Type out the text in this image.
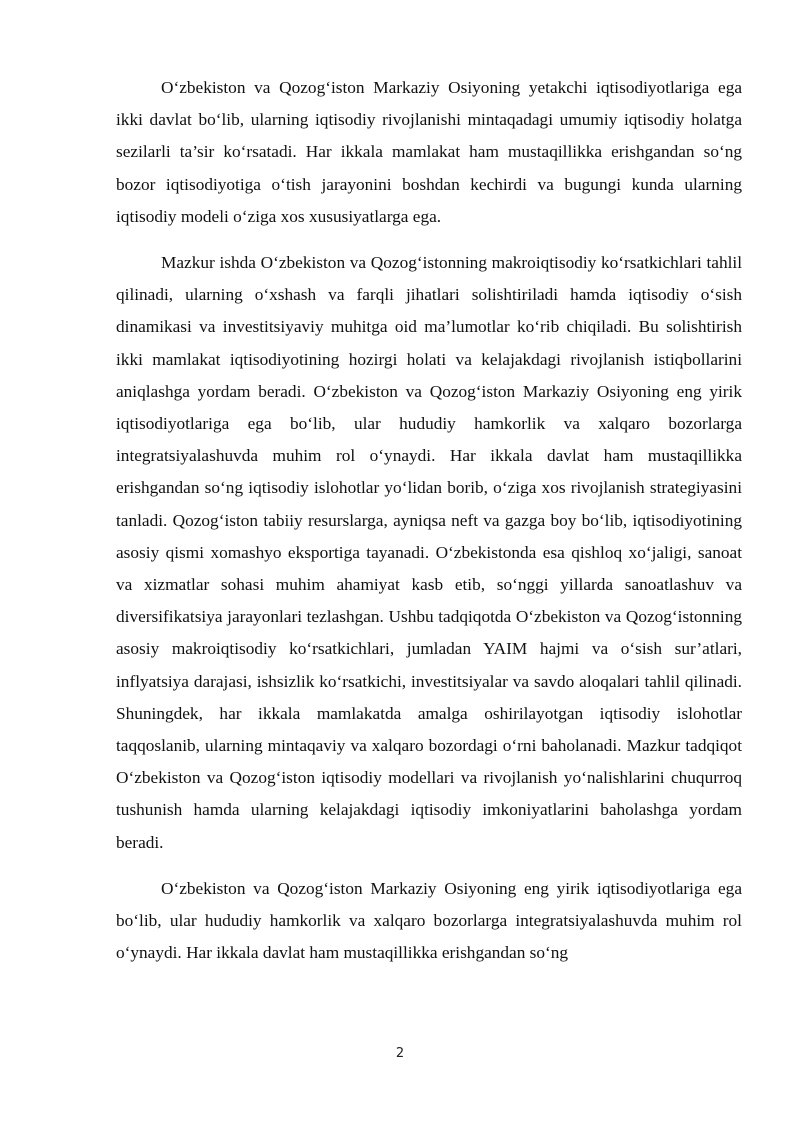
O‘zbekiston va Qozog‘iston Markaziy Osiyoning yetakchi iqtisodiyotlariga ega ikki davlat bo‘lib, ularning iqtisodiy rivojlanishi mintaqadagi umumiy iqtisodiy holatga sezilarli ta’sir ko‘rsatadi. Har ikkala mamlakat ham mustaqillikka erishgandan so‘ng bozor iqtisodiyotiga o‘tish jarayonini boshdan kechirdi va bugungi kunda ularning iqtisodiy modeli o‘ziga xos xususiyatlarga ega.

Mazkur ishda O‘zbekiston va Qozog‘istonning makroiqtisodiy ko‘rsatkichlari tahlil qilinadi, ularning o‘xshash va farqli jihatlari solishtiriladi hamda iqtisodiy o‘sish dinamikasi va investitsiyaviy muhitga oid ma’lumotlar ko‘rib chiqiladi. Bu solishtirish ikki mamlakat iqtisodiyotining hozirgi holati va kelajakdagi rivojlanish istiqbollarini aniqlashga yordam beradi. O‘zbekiston va Qozog‘iston Markaziy Osiyoning eng yirik iqtisodiyotlariga ega bo‘lib, ular hududiy hamkorlik va xalqaro bozorlarga integratsiyalashuvda muhim rol o‘ynaydi. Har ikkala davlat ham mustaqillikka erishgandan so‘ng iqtisodiy islohotlar yo‘lidan borib, o‘ziga xos rivojlanish strategiyasini tanladi. Qozog‘iston tabiiy resurslarga, ayniqsa neft va gazga boy bo‘lib, iqtisodiyotining asosiy qismi xomashyo eksportiga tayanadi. O‘zbekistonda esa qishloq xo‘jaligi, sanoat va xizmatlar sohasi muhim ahamiyat kasb etib, so‘nggi yillarda sanoatlashuv va diversifikatsiya jarayonlari tezlashgan. Ushbu tadqiqotda O‘zbekiston va Qozog‘istonning asosiy makroiqtisodiy ko‘rsatkichlari, jumladan YAIM hajmi va o‘sish sur’atlari, inflyatsiya darajasi, ishsizlik ko‘rsatkichi, investitsiyalar va savdo aloqalari tahlil qilinadi. Shuningdek, har ikkala mamlakatda amalga oshirilayotgan iqtisodiy islohotlar taqqoslanib, ularning mintaqaviy va xalqaro bozordagi o‘rni baholanadi. Mazkur tadqiqot O‘zbekiston va Qozog‘iston iqtisodiy modellari va rivojlanish yo‘nalishlarini chuqurroq tushunish hamda ularning kelajakdagi iqtisodiy imkoniyatlarini baholashga yordam beradi.

O‘zbekiston va Qozog‘iston Markaziy Osiyoning eng yirik iqtisodiyotlariga ega bo‘lib, ular hududiy hamkorlik va xalqaro bozorlarga integratsiyalashuvda muhim rol o‘ynaydi. Har ikkala davlat ham mustaqillikka erishgandan so‘ng

2
